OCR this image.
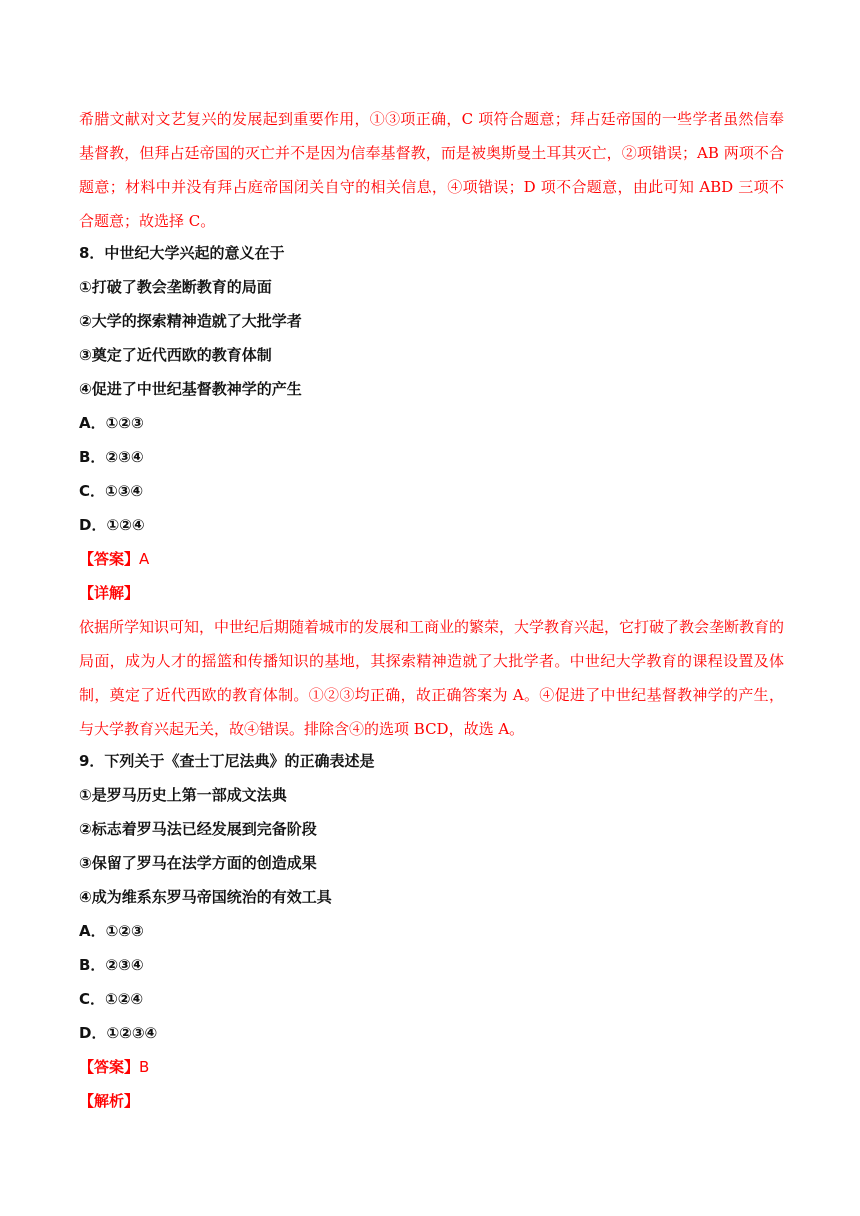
希腊文献对文艺复兴的发展起到重要作用，①③项正确，C 项符合题意；拜占廷帝国的一些学者虽然信奉基督教，但拜占廷帝国的灭亡并不是因为信奉基督教，而是被奥斯曼土耳其灭亡，②项错误；AB 两项不合题意；材料中并没有拜占庭帝国闭关自守的相关信息，④项错误；D 项不合题意，由此可知 ABD 三项不合题意；故选择 C。

8．中世纪大学兴起的意义在于

①打破了教会垄断教育的局面

②大学的探索精神造就了大批学者

③奠定了近代西欧的教育体制

④促进了中世纪基督教神学的产生

A．①②③

B．②③④

C．①③④

D．①②④

【答案】A

【详解】

依据所学知识可知，中世纪后期随着城市的发展和工商业的繁荣，大学教育兴起，它打破了教会垄断教育的局面，成为人才的摇篮和传播知识的基地，其探索精神造就了大批学者。中世纪大学教育的课程设置及体制，奠定了近代西欧的教育体制。①②③均正确，故正确答案为 A。④促进了中世纪基督教神学的产生，与大学教育兴起无关，故④错误。排除含④的选项 BCD，故选 A。

9．下列关于《查士丁尼法典》的正确表述是

①是罗马历史上第一部成文法典

②标志着罗马法已经发展到完备阶段

③保留了罗马在法学方面的创造成果

④成为维系东罗马帝国统治的有效工具

A．①②③

B．②③④

C．①②④

D．①②③④

【答案】B

【解析】
